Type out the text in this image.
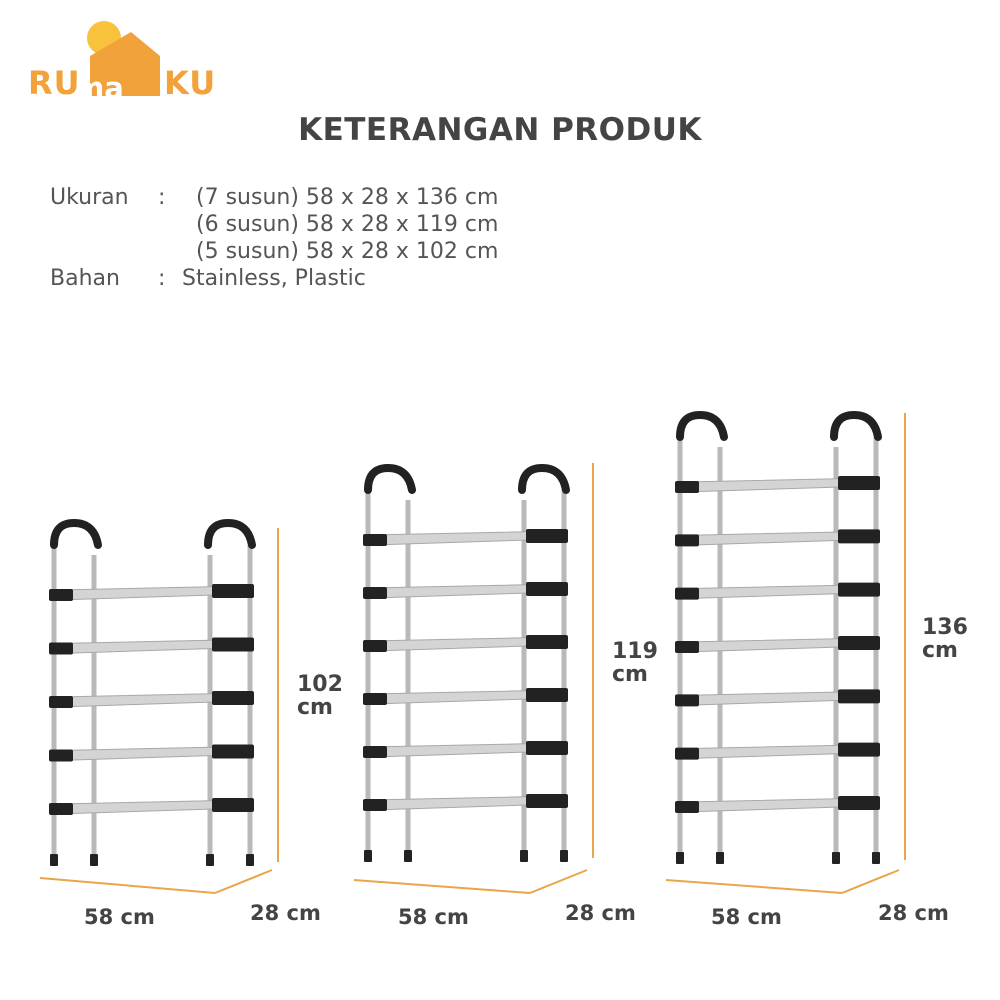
RU
ma	KU
KETERANGAN PRODUK
Ukuran	:	(7 susun) 58 x 28 x 136 cm
(6 susun) 58 x 28 x 119 cm
(5 susun) 58 x 28 x 102 cm
Bahan	: Stainless, Plastic
102
cm
119
cm
136
cm
58 cm	28 cm	58 cm	28 cm	58 cm	28 cm
